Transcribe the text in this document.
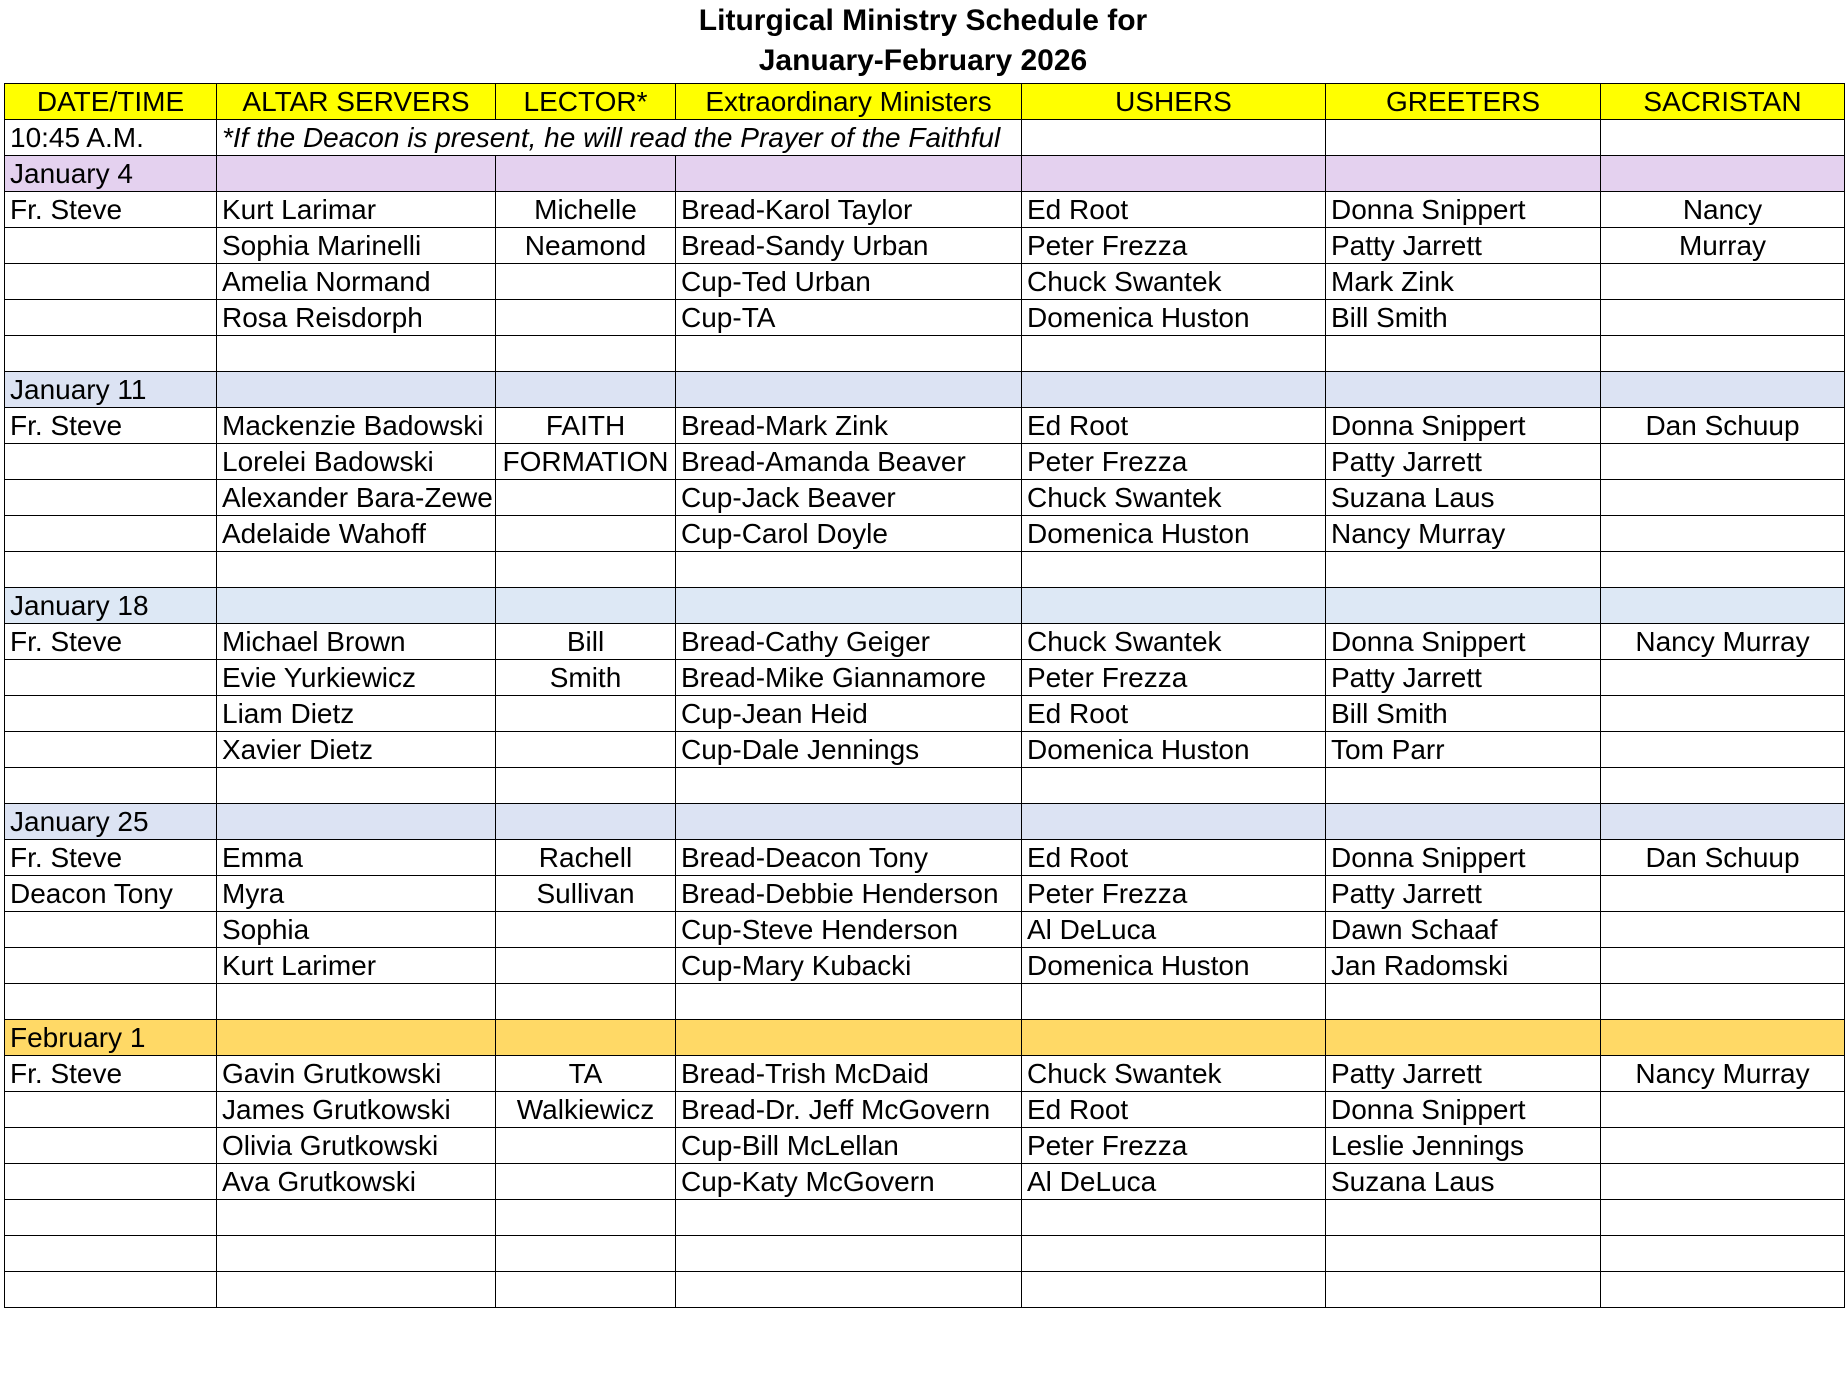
Liturgical Ministry Schedule for
January-February 2026
DATE/TIME	ALTAR SERVERS	LECTOR*	Extraordinary Ministers	USHERS	GREETERS	SACRISTAN
10:45 A.M.	*If the Deacon is present, he will read the Prayer of the Faithful					
January 4						
Fr. Steve	Kurt Larimar	Michelle	Bread-Karol Taylor	Ed Root	Donna Snippert	Nancy
	Sophia Marinelli	Neamond	Bread-Sandy Urban	Peter Frezza	Patty Jarrett	Murray
	Amelia Normand		Cup-Ted Urban	Chuck Swantek	Mark Zink	
	Rosa Reisdorph		Cup-TA	Domenica Huston	Bill Smith	

January 11						
Fr. Steve	Mackenzie Badowski	FAITH	Bread-Mark Zink	Ed Root	Donna Snippert	Dan Schuup
	Lorelei Badowski	FORMATION	Bread-Amanda Beaver	Peter Frezza	Patty Jarrett	
	Alexander Bara-Zewe		Cup-Jack Beaver	Chuck Swantek	Suzana Laus	
	Adelaide Wahoff		Cup-Carol Doyle	Domenica Huston	Nancy Murray	

January 18						
Fr. Steve	Michael Brown	Bill	Bread-Cathy Geiger	Chuck Swantek	Donna Snippert	Nancy Murray
	Evie Yurkiewicz	Smith	Bread-Mike Giannamore	Peter Frezza	Patty Jarrett	
	Liam Dietz		Cup-Jean Heid	Ed Root	Bill Smith	
	Xavier Dietz		Cup-Dale Jennings	Domenica Huston	Tom Parr	

January 25						
Fr. Steve	Emma	Rachell	Bread-Deacon Tony	Ed Root	Donna Snippert	Dan Schuup
Deacon Tony	Myra	Sullivan	Bread-Debbie Henderson	Peter Frezza	Patty Jarrett	
	Sophia		Cup-Steve Henderson	Al DeLuca	Dawn Schaaf	
	Kurt Larimer		Cup-Mary Kubacki	Domenica Huston	Jan Radomski	

February 1						
Fr. Steve	Gavin Grutkowski	TA	Bread-Trish McDaid	Chuck Swantek	Patty Jarrett	Nancy Murray
	James Grutkowski	Walkiewicz	Bread-Dr. Jeff McGovern	Ed Root	Donna Snippert	
	Olivia Grutkowski		Cup-Bill McLellan	Peter Frezza	Leslie Jennings	
	Ava Grutkowski		Cup-Katy McGovern	Al DeLuca	Suzana Laus	
